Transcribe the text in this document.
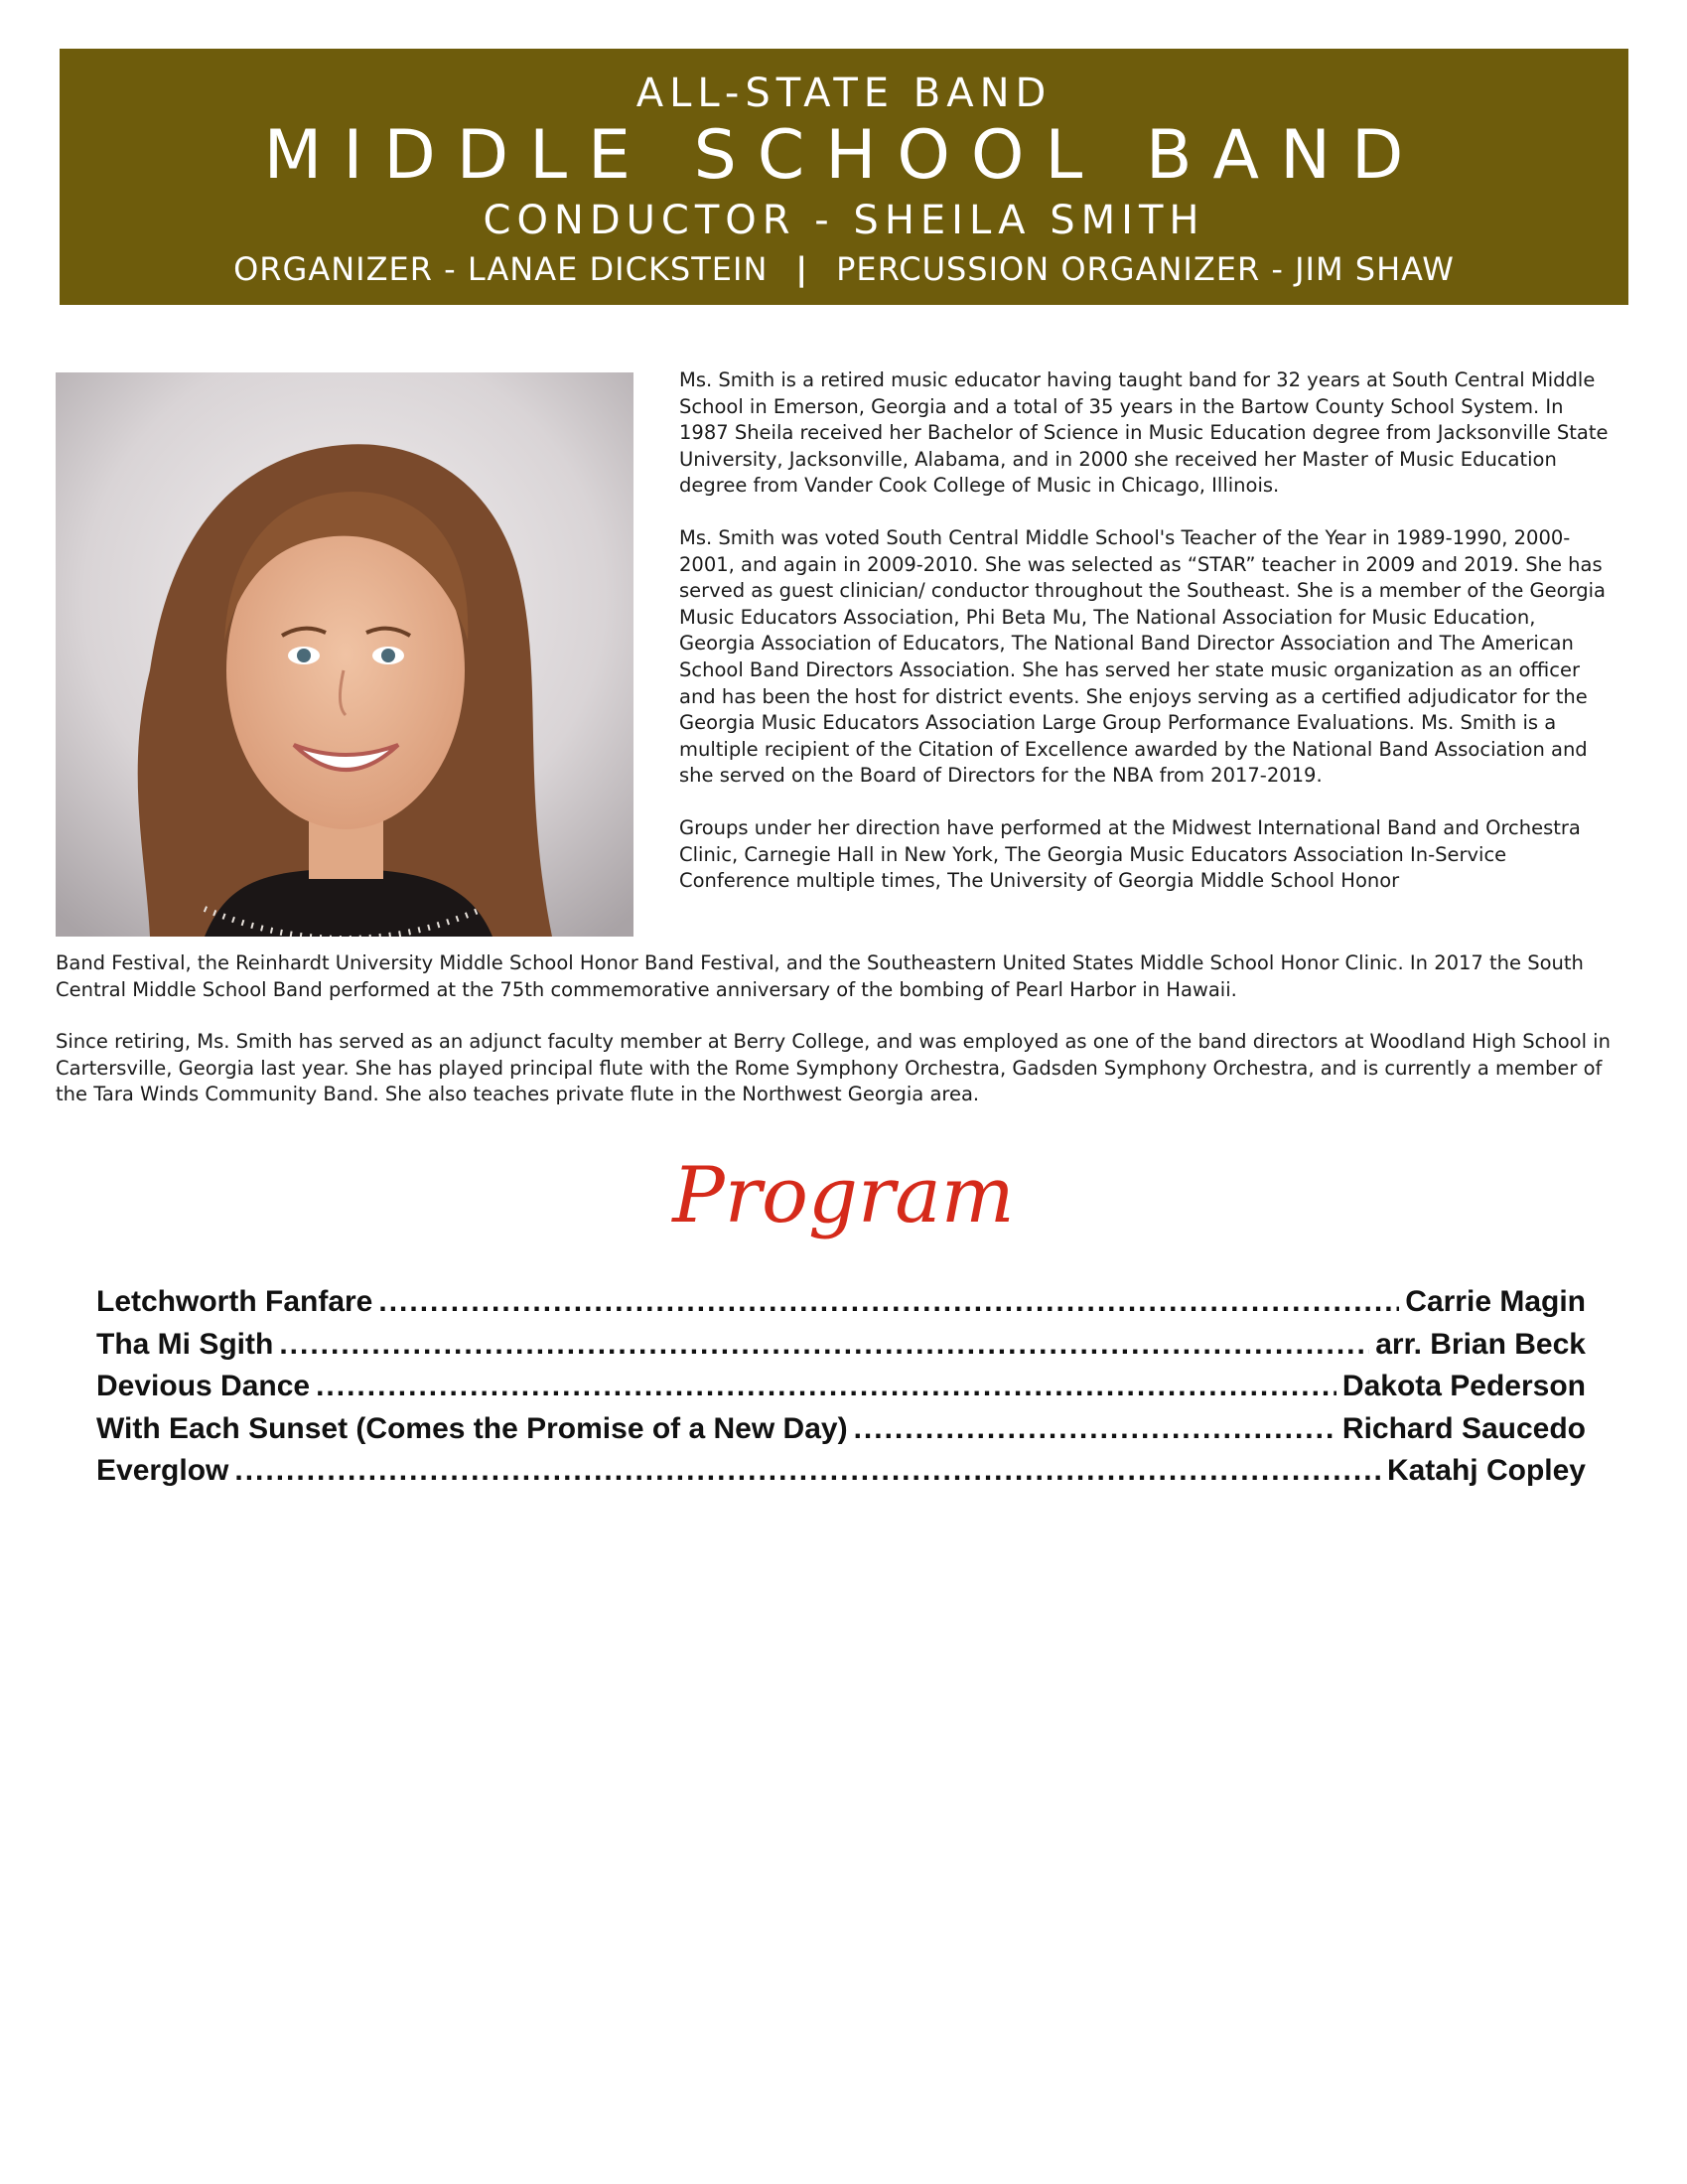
ALL-STATE BAND
MIDDLE SCHOOL BAND
CONDUCTOR - SHEILA SMITH
ORGANIZER - LANAE DICKSTEIN | PERCUSSION ORGANIZER - JIM SHAW

Ms. Smith is a retired music educator having taught band for 32 years at South Central Middle School in Emerson, Georgia and a total of 35 years in the Bartow County School System. In 1987 Sheila received her Bachelor of Science in Music Education degree from Jacksonville State University, Jacksonville, Alabama, and in 2000 she received her Master of Music Education degree from Vander Cook College of Music in Chicago, Illinois.

Ms. Smith was voted South Central Middle School's Teacher of the Year in 1989-1990, 2000-2001, and again in 2009-2010. She was selected as “STAR” teacher in 2009 and 2019. She has served as guest clinician/ conductor throughout the Southeast. She is a member of the Georgia Music Educators Association, Phi Beta Mu, The National Association for Music Education, Georgia Association of Educators, The National Band Director Association and The American School Band Directors Association. She has served her state music organization as an officer and has been the host for district events. She enjoys serving as a certified adjudicator for the Georgia Music Educators Association Large Group Performance Evaluations. Ms. Smith is a multiple recipient of the Citation of Excellence awarded by the National Band Association and she served on the Board of Directors for the NBA from 2017-2019.

Groups under her direction have performed at the Midwest International Band and Orchestra Clinic, Carnegie Hall in New York, The Georgia Music Educators Association In-Service Conference multiple times, The University of Georgia Middle School Honor

Band Festival, the Reinhardt University Middle School Honor Band Festival, and the Southeastern United States Middle School Honor Clinic. In 2017 the South Central Middle School Band performed at the 75th commemorative anniversary of the bombing of Pearl Harbor in Hawaii.

Since retiring, Ms. Smith has served as an adjunct faculty member at Berry College, and was employed as one of the band directors at Woodland High School in Cartersville, Georgia last year. She has played principal flute with the Rome Symphony Orchestra, Gadsden Symphony Orchestra, and is currently a member of the Tara Winds Community Band. She also teaches private flute in the Northwest Georgia area.

Program
Letchworth Fanfare .....	Carrie Magin
Tha Mi Sgith .....	arr. Brian Beck
Devious Dance .....	Dakota Pederson
With Each Sunset (Comes the Promise of a New Day) .....	Richard Saucedo
Everglow .....	Katahj Copley
